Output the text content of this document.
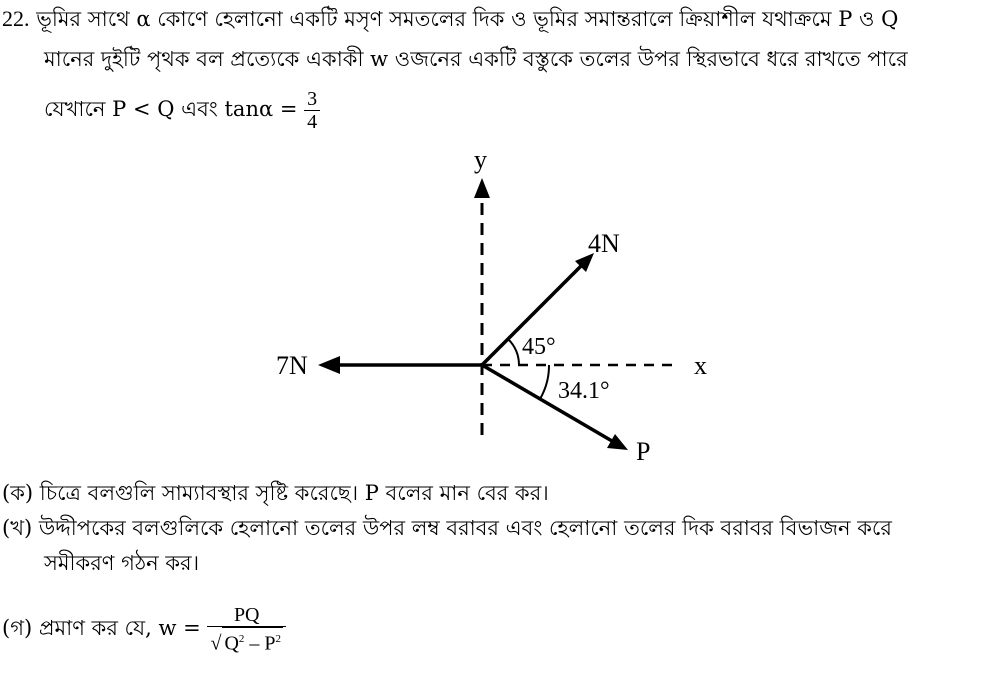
22. ভূমির সাথে α কোণে হেলানো একটি মসৃণ সমতলের দিক ও ভূমির সমান্তরালে ক্রিয়াশীল যথাক্রমে P ও Q
মানের দুইটি পৃথক বল প্রত্যেকে একাকী w ওজনের একটি বস্তুকে তলের উপর স্থিরভাবে ধরে রাখতে পারে
যেখানে P < Q এবং $\tan\alpha = \frac{3}{4}$
y
x
4N
7N
P
45°
34.1°
(ক) চিত্রে বলগুলি সাম্যাবস্থার সৃষ্টি করেছে। P বলের মান বের কর।
(খ) উদ্দীপকের বলগুলিকে হেলানো তলের উপর লম্ব বরাবর এবং হেলানো তলের দিক বরাবর বিভাজন করে
সমীকরণ গঠন কর।
(গ) প্রমাণ কর যে, $w = \frac{PQ}{√ Q^2 - P^2}$
